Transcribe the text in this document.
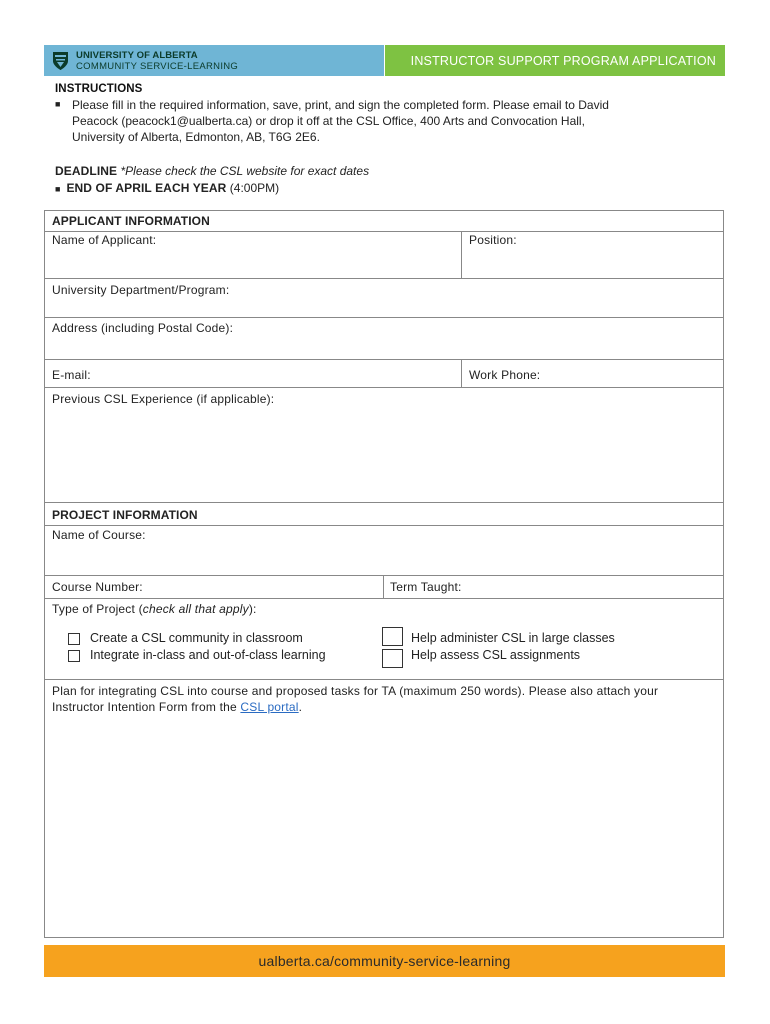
UNIVERSITY OF ALBERTA
COMMUNITY SERVICE-LEARNING	INSTRUCTOR SUPPORT PROGRAM APPLICATION
INSTRUCTIONS
■ Please fill in the required information, save, print, and sign the completed form. Please email to David
Peacock (peacock1@ualberta.ca) or drop it off at the CSL Office, 400 Arts and Convocation Hall,
University of Alberta, Edmonton, AB, T6G 2E6.
DEADLINE *Please check the CSL website for exact dates
■ END OF APRIL EACH YEAR (4:00PM)
APPLICANT INFORMATION
Name of Applicant:	Position:
University Department/Program:
Address (including Postal Code):
E-mail:	Work Phone:
Previous CSL Experience (if applicable):
PROJECT INFORMATION
Name of Course:
Course Number:	Term Taught:
Type of Project (check all that apply):
Create a CSL community in classroom
Integrate in-class and out-of-class learning
Help administer CSL in large classes
Help assess CSL assignments
Plan for integrating CSL into course and proposed tasks for TA (maximum 250 words). Please also attach your
Instructor Intention Form from the CSL portal.
ualberta.ca/community-service-learning
